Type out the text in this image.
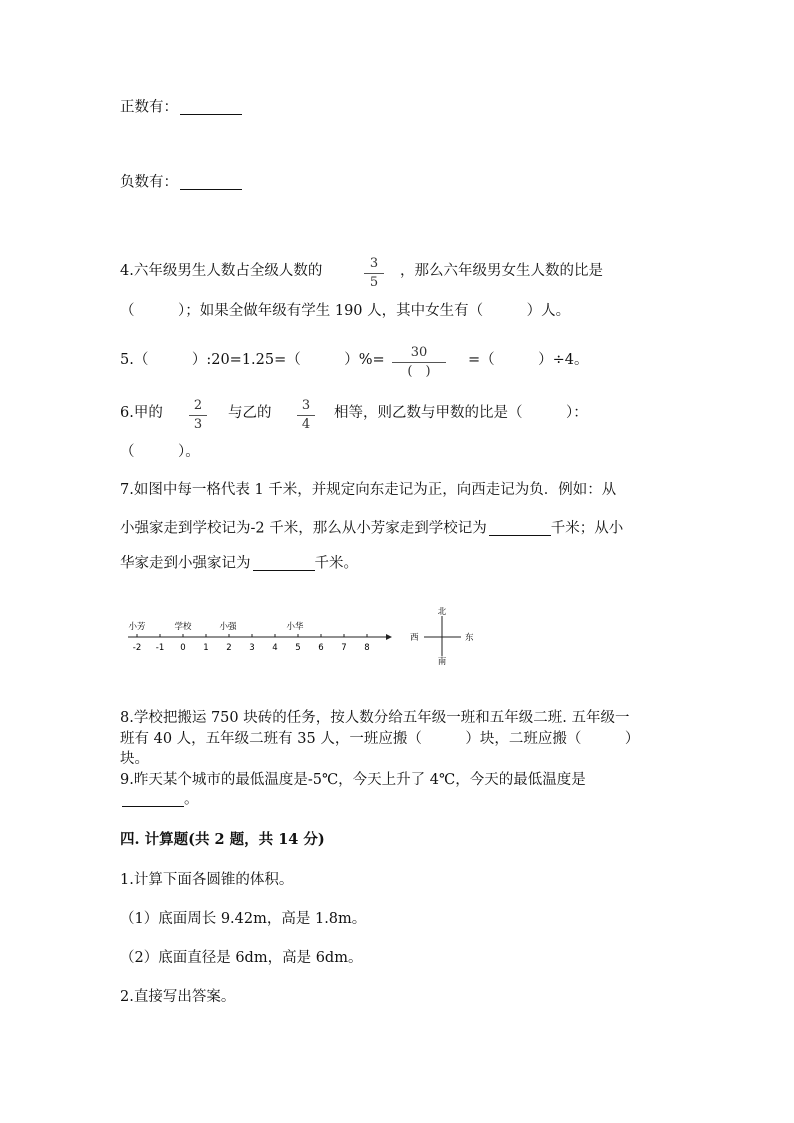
正数有：
负数有：
4.六年级男生人数占全级人数的	3
5
，那么六年级男女生人数的比是
（　　　）；如果全做年级有学生 190 人，其中女生有（　　　）人。
5.（　　　）:20=1.25=（　　　）%=	30
(　)
=（　　　）÷4。
6.甲的	2
3
与乙的	3
4
相等，则乙数与甲数的比是（　　　）：
（　　　）。
7.如图中每一格代表 1 千米，并规定向东走记为正，向西走记为负．例如：从
小强家走到学校记为-2 千米，那么从小芳家走到学校记为	千米；从小
华家走到小强家记为	千米。
-2 -1 0 1 2 3 4 5 6 7 8
小芳	学校	小强	小华
北
南
东
西
8.学校把搬运 750 块砖的任务，按人数分给五年级一班和五年级二班. 五年级一
班有 40 人，五年级二班有 35 人，一班应搬（　　　）块，二班应搬（　　　）
块。
9.昨天某个城市的最低温度是-5℃，今天上升了 4℃，今天的最低温度是
。
四. 计算题(共 2 题，共 14 分)
1.计算下面各圆锥的体积。
（1）底面周长 9.42m，高是 1.8m。
（2）底面直径是 6dm，高是 6dm。
2.直接写出答案。
